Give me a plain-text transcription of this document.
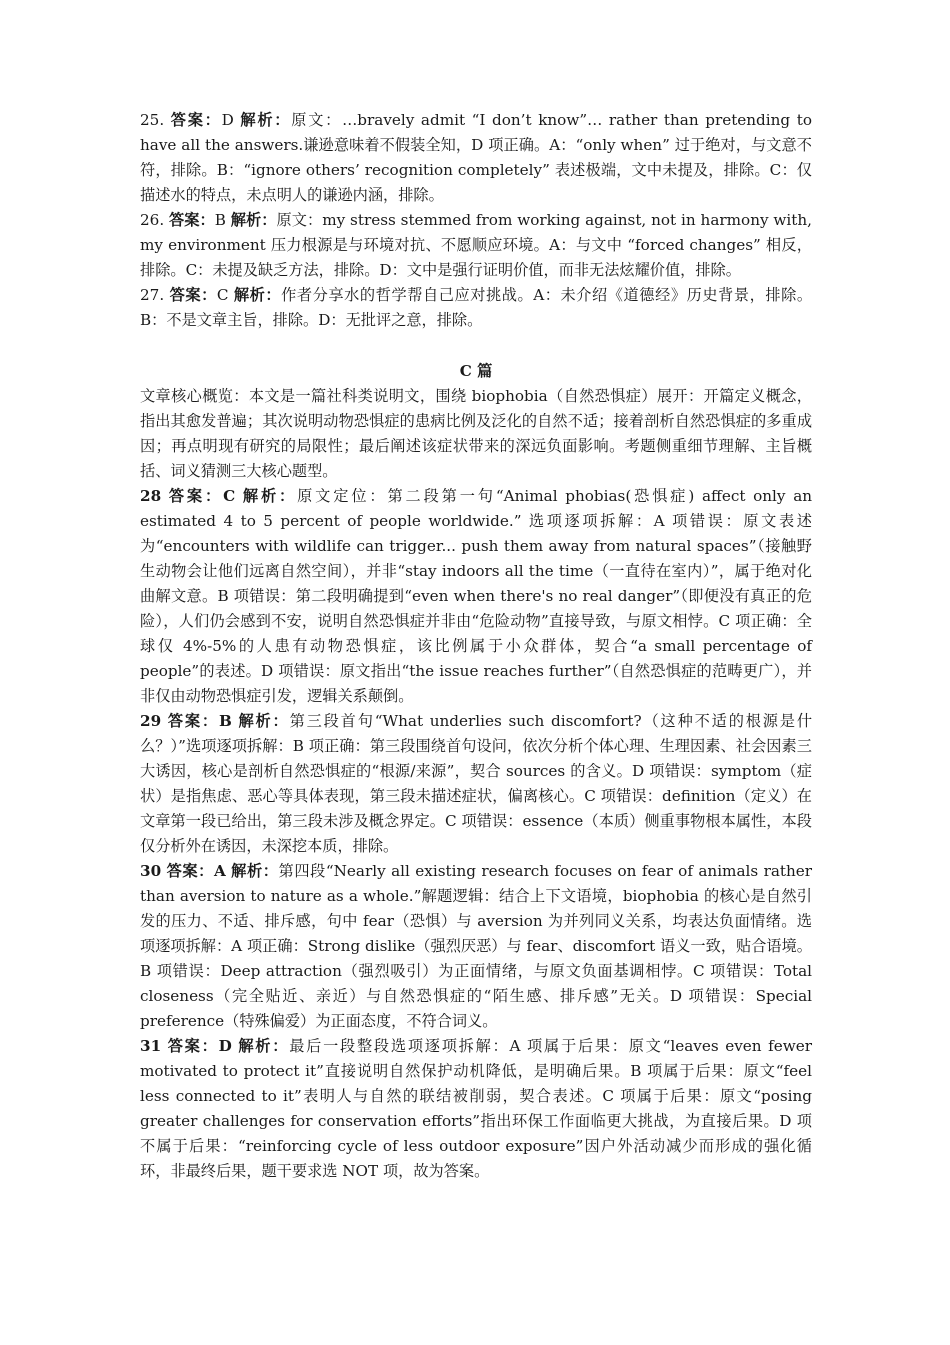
25. 答案：D 解析：原文：…bravely admit “I don’t know”… rather than pretending to have all the answers.谦逊意味着不假装全知，D 项正确。A：“only when” 过于绝对，与文意不符，排除。B：“ignore others’ recognition completely” 表述极端，文中未提及，排除。C：仅描述水的特点，未点明人的谦逊内涵，排除。

26. 答案：B 解析：原文：my stress stemmed from working against, not in harmony with, my environment 压力根源是与环境对抗、不愿顺应环境。A：与文中 “forced changes” 相反，排除。C：未提及缺乏方法，排除。D：文中是强行证明价值，而非无法炫耀价值，排除。

27. 答案：C 解析：作者分享水的哲学帮自己应对挑战。A：未介绍《道德经》历史背景，排除。B：不是文章主旨，排除。D：无批评之意，排除。

C 篇

文章核心概览：本文是一篇社科类说明文，围绕 biophobia（自然恐惧症）展开：开篇定义概念，指出其愈发普遍；其次说明动物恐惧症的患病比例及泛化的自然不适；接着剖析自然恐惧症的多重成因；再点明现有研究的局限性；最后阐述该症状带来的深远负面影响。考题侧重细节理解、主旨概括、词义猜测三大核心题型。

28 答案：C 解析：原文定位：第二段第一句“Animal phobias(恐惧症) affect only an estimated 4 to 5 percent of people worldwide.” 选项逐项拆解：A 项错误：原文表述为“encounters with wildlife can trigger... push them away from natural spaces”（接触野生动物会让他们远离自然空间），并非“stay indoors all the time（一直待在室内）”，属于绝对化曲解文意。B 项错误：第二段明确提到“even when there's no real danger”（即便没有真正的危险），人们仍会感到不安，说明自然恐惧症并非由“危险动物”直接导致，与原文相悖。C 项正确：全球仅 4%-5%的人患有动物恐惧症，该比例属于小众群体，契合“a small percentage of people”的表述。D 项错误：原文指出“the issue reaches further”（自然恐惧症的范畴更广），并非仅由动物恐惧症引发，逻辑关系颠倒。

29 答案：B 解析：第三段首句“What underlies such discomfort?（这种不适的根源是什么？）”选项逐项拆解：B 项正确：第三段围绕首句设问，依次分析个体心理、生理因素、社会因素三大诱因，核心是剖析自然恐惧症的“根源/来源”，契合 sources 的含义。D 项错误：symptom（症状）是指焦虑、恶心等具体表现，第三段未描述症状，偏离核心。C 项错误：definition（定义）在文章第一段已给出，第三段未涉及概念界定。C 项错误：essence（本质）侧重事物根本属性，本段仅分析外在诱因，未深挖本质，排除。

30 答案：A 解析：第四段“Nearly all existing research focuses on fear of animals rather than aversion to nature as a whole.”解题逻辑：结合上下文语境，biophobia 的核心是自然引发的压力、不适、排斥感，句中 fear（恐惧）与 aversion 为并列同义关系，均表达负面情绪。选项逐项拆解：A 项正确：Strong dislike（强烈厌恶）与 fear、discomfort 语义一致，贴合语境。B 项错误：Deep attraction（强烈吸引）为正面情绪，与原文负面基调相悖。C 项错误：Total closeness（完全贴近、亲近）与自然恐惧症的“陌生感、排斥感”无关。D 项错误：Special preference（特殊偏爱）为正面态度，不符合词义。

31 答案：D 解析：最后一段整段选项逐项拆解：A 项属于后果：原文“leaves even fewer motivated to protect it”直接说明自然保护动机降低，是明确后果。B 项属于后果：原文“feel less connected to it”表明人与自然的联结被削弱，契合表述。C 项属于后果：原文“posing greater challenges for conservation efforts”指出环保工作面临更大挑战，为直接后果。D 项不属于后果：“reinforcing cycle of less outdoor exposure”因户外活动减少而形成的强化循环，非最终后果，题干要求选 NOT 项，故为答案。
